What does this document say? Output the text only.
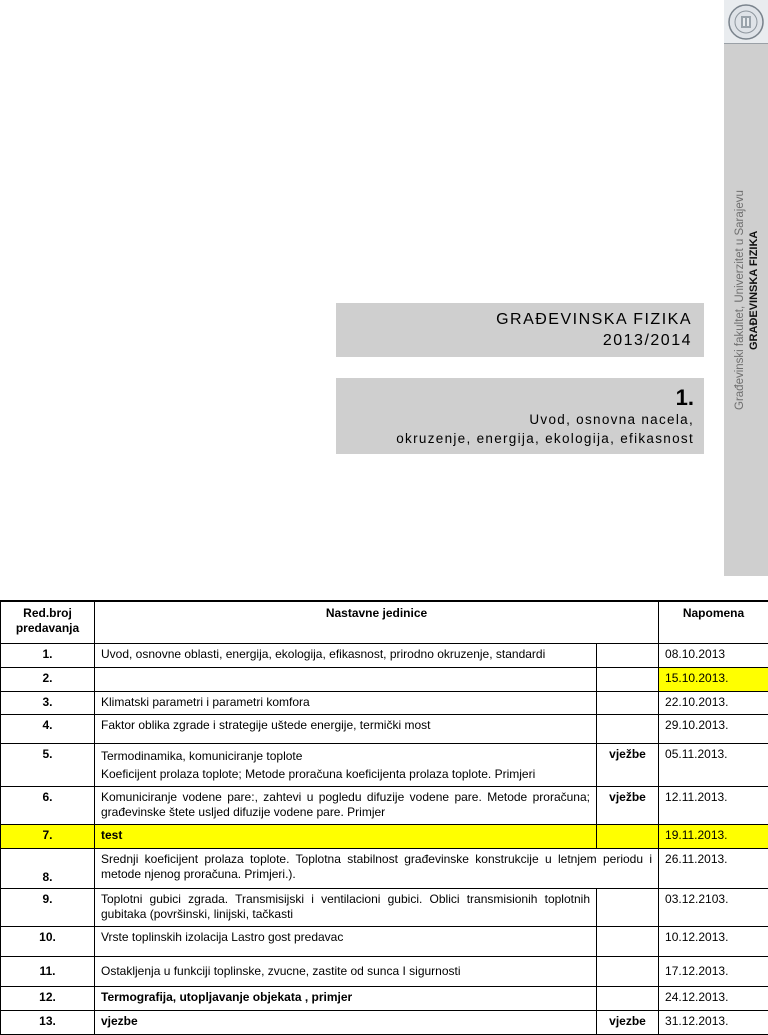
Građevinski fakultet, Univerzitet u Sarajevu GRAĐEVINSKA FIZIKA
GRAĐEVINSKA FIZIKA
2013/2014
1.
Uvod, osnovna nacela,
okruzenje, energija, ekologija, efikasnost
Red.broj predavanja	Nastavne jedinice		Napomena
1.	Uvod, osnovne oblasti, energija, ekologija, efikasnost, prirodno okruzenje, standardi		08.10.2013
2.			15.10.2013.
3.	Klimatski parametri i parametri komfora		22.10.2013.
4.	Faktor oblika zgrade i strategije uštede energije, termički most		29.10.2013.
5.	Termodinamika, komuniciranje toplote
Koeficijent prolaza toplote; Metode proračuna koeficijenta prolaza toplote. Primjeri	vježbe	05.11.2013.
6.	Komuniciranje vodene pare:, zahtevi u pogledu difuzije vodene pare. Metode proračuna; građevinske štete usljed difuzije vodene pare. Primjer	vježbe	12.11.2013.
7.	test		19.11.2013.
8.	Srednji koeficijent prolaza toplote. Toplotna stabilnost građevinske konstrukcije u letnjem periodu i metode njenog proračuna. Primjeri.).		26.11.2013.
9.	Toplotni gubici zgrada. Transmisijski i ventilacioni gubici. Oblici transmisionih toplotnih gubitaka (površinski, linijski, tačkasti		03.12.2103.
10.	Vrste toplinskih izolacija Lastro gost predavac		10.12.2013.
11.	Ostakljenja u funkciji toplinske, zvucne, zastite od sunca I sigurnosti		17.12.2013.
12.	Termografija, utopljavanje objekata , primjer		24.12.2013.
13.	vjezbe	vjezbe	31.12.2013.
